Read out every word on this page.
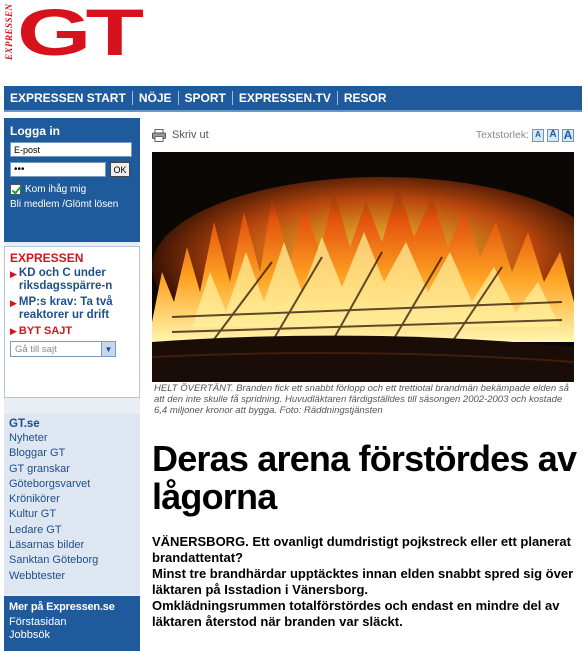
EXPRESSEN GT
EXPRESSEN START	NÖJE	SPORT	EXPRESSEN.TV	RESOR
Logga in
E-post
•••
OK
Kom ihåg mig
Bli medlem /Glömt lösen
EXPRESSEN
▶ KD och C under riksdagsspärre-n
▶ MP:s krav: Ta två reaktorer ur drift
▶ BYT SAJT
Gå till sajt	▼
GT.se
Nyheter
Bloggar GT
GT granskar
Göteborgsvarvet
Krönikörer
Kultur GT
Ledare GT
Läsarnas bilder
Sanktan Göteborg
Webbtester
Mer på Expressen.se
Förstasidan
Jobbsök
Skriv ut	Textstorlek: A A A
HELT ÖVERTÄNT. Branden fick ett snabbt förlopp och ett trettiotal brandmän bekämpade elden så att den inte skulle få spridning. Huvudläktaren färdigställdes till säsongen 2002-2003 och kostade 6,4 miljoner kronor att bygga. Foto: Räddningstjänsten
Deras arena förstördes av lågorna

VÄNERSBORG. Ett ovanligt dumdristigt pojkstreck eller ett planerat brandattentat?

Minst tre brandhärdar upptäcktes innan elden snabbt spred sig över läktaren på Isstadion i Vänersborg.

Omklädningsrummen totalförstördes och endast en mindre del av läktaren återstod när branden var släckt.
